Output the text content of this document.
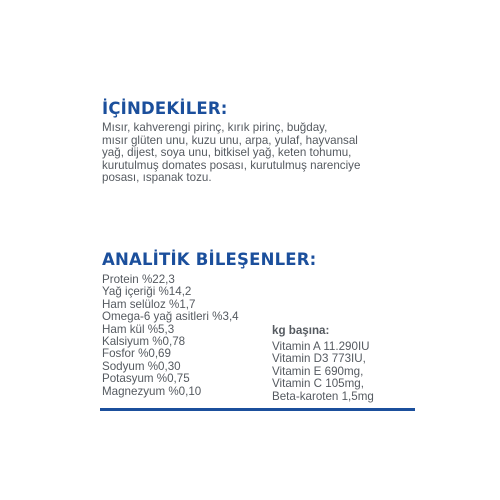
İÇİNDEKİLER:
Mısır, kahverengi pirinç, kırık pirinç, buğday,
mısır glüten unu, kuzu unu, arpa, yulaf, hayvansal
yağ, dijest, soya unu, bitkisel yağ, keten tohumu,
kurutulmuş domates posası, kurutulmuş narenciye
posası, ıspanak tozu.
ANALİTİK BİLEŞENLER:
Protein %22,3
Yağ içeriği %14,2
Ham selüloz %1,7
Omega-6 yağ asitleri %3,4
Ham kül %5,3
Kalsiyum %0,78
Fosfor %0,69
Sodyum %0,30
Potasyum %0,75
Magnezyum %0,10
kg başına:
Vitamin A 11.290IU
Vitamin D3 773IU,
Vitamin E 690mg,
Vitamin C 105mg,
Beta-karoten 1,5mg
